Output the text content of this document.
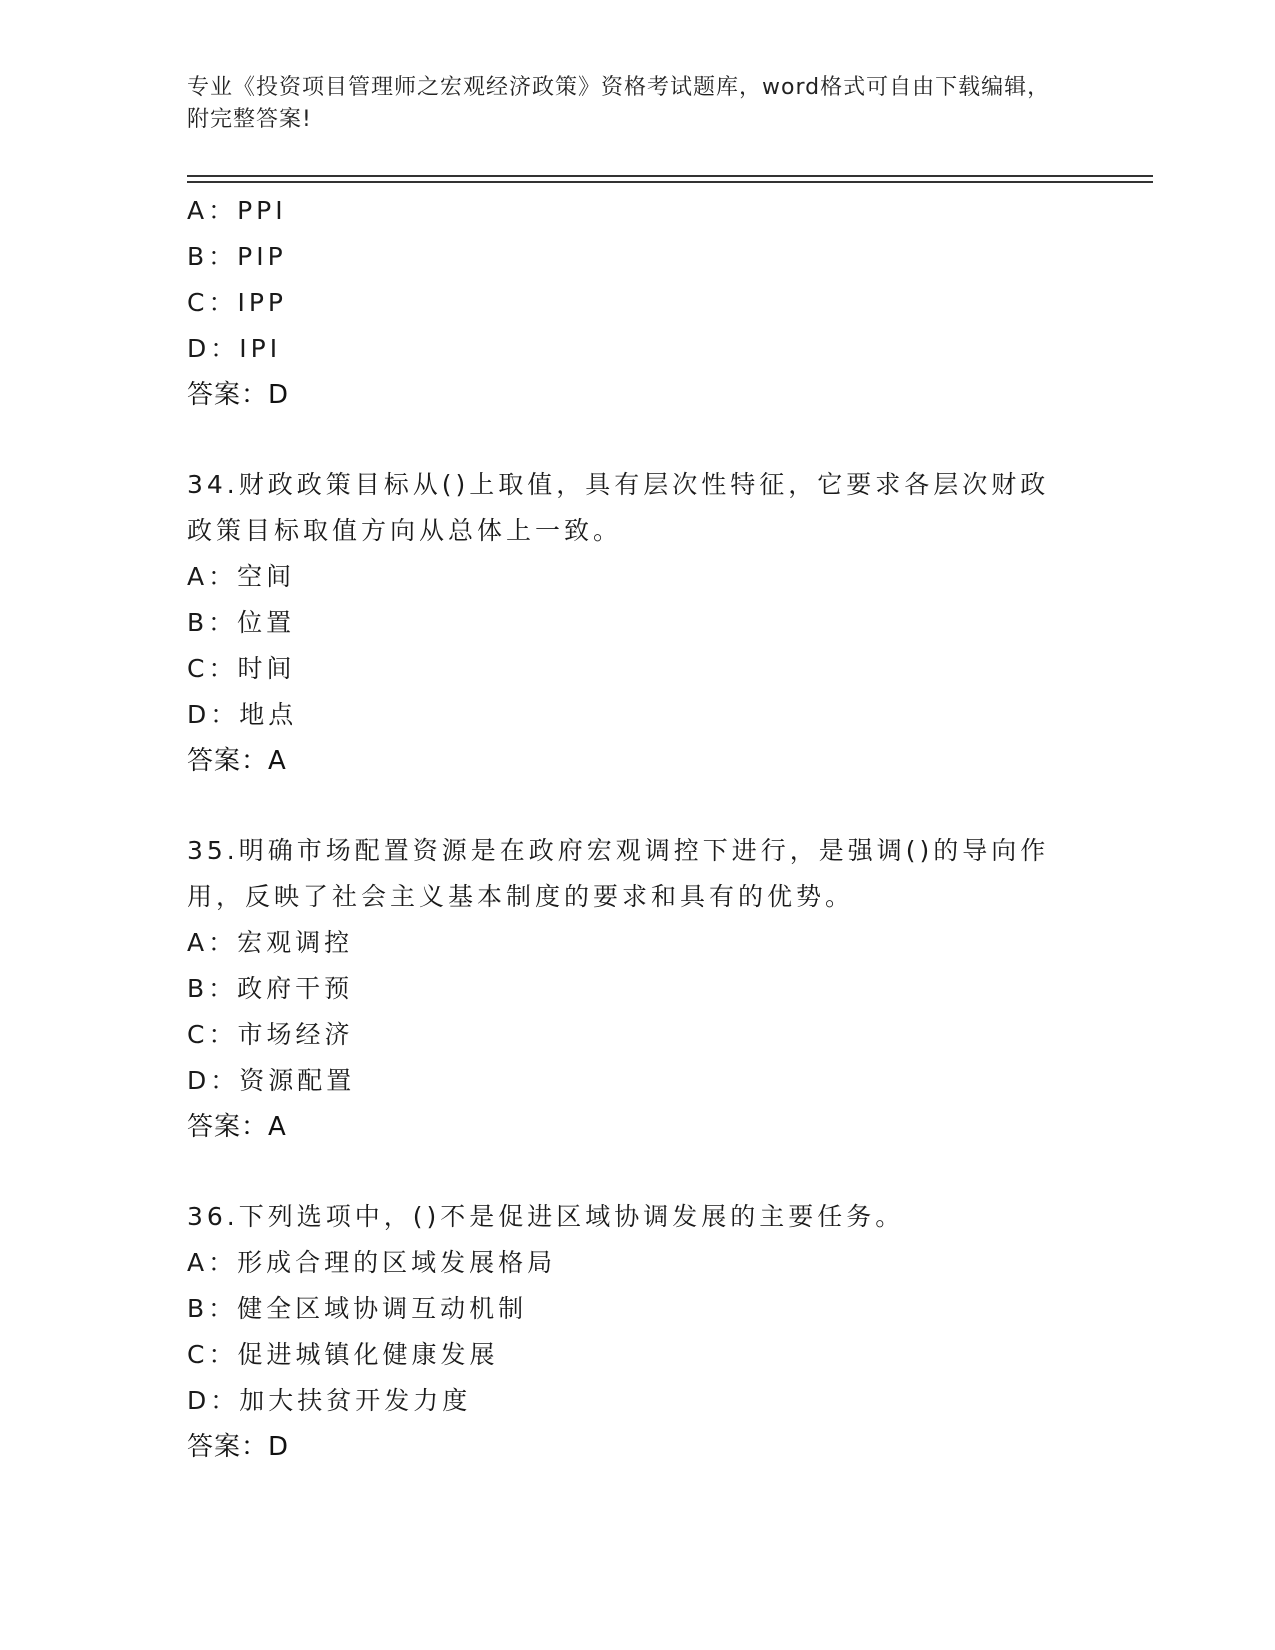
专业《投资项目管理师之宏观经济政策》资格考试题库，word格式可自由下载编辑，附完整答案!
A：PPI
B：PIP
C：IPP
D：IPI
答案：D
34.财政政策目标从()上取值，具有层次性特征，它要求各层次财政政策目标取值方向从总体上一致。
A：空间
B：位置
C：时间
D：地点
答案：A
35.明确市场配置资源是在政府宏观调控下进行，是强调()的导向作用，反映了社会主义基本制度的要求和具有的优势。
A：宏观调控
B：政府干预
C：市场经济
D：资源配置
答案：A
36.下列选项中，()不是促进区域协调发展的主要任务。
A：形成合理的区域发展格局
B：健全区域协调互动机制
C：促进城镇化健康发展
D：加大扶贫开发力度
答案：D
